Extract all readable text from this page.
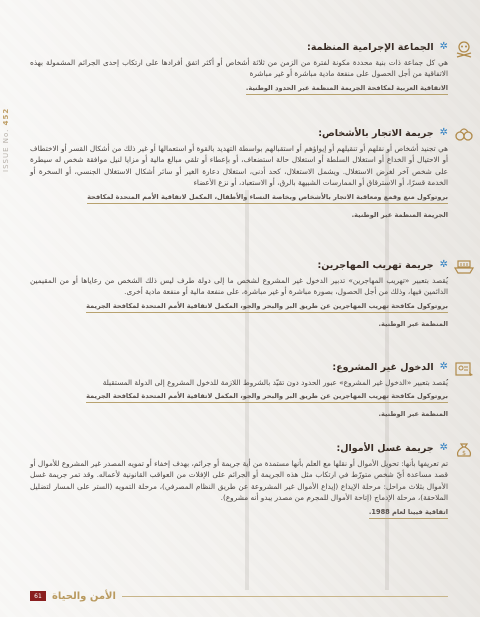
ISSUE No. 452
✲
الجماعة الإجرامية المنظمة:
هي كل جماعة ذات بنية محددة مكونة لفترة من الزمن من ثلاثة أشخاص أو أكثر اتفق أفرادها على ارتكاب إحدى الجرائم المشمولة بهذه الاتفاقية من أجل الحصول على منفعة مادية مباشرة أو غير مباشرة
الاتفاقية العربية لمكافحة الجريمة المنظمة عبر الحدود الوطنية.
✲
جريمة الاتجار بالأشخاص:
هي تجنيد أشخاص أو نقلهم أو تنقيلهم أو إيواؤهم أو استقبالهم بواسطة التهديد بالقوة أو استعمالها أو غير ذلك من أشكال القسر أو الاختطاف أو الاحتيال أو الخداع أو استغلال السلطة أو استغلال حالة استضعاف، أو بإعطاء أو تلقي مبالغ مالية أو مزايا لنيل موافقة شخص له سيطرة على شخص آخر لغرض الاستغلال. ويشمل الاستغلال، كحد أدنى، استغلال دعارة الغير أو سائر أشكال الاستغلال الجنسي، أو السخرة أو الخدمة قسرًا، أو الاسترقاق أو الممارسات الشبيهة بالرق، أو الاستعباد، أو نزع الأعضاء
بروتوكول منع وقمع ومعاقبة الاتجار بالأشخاص وبخاصة النساء والأطفال، المكمل لاتفاقية الأمم المتحدة لمكافحة
الجريمة المنظمة عبر الوطنية.
✲
جريمة تهريب المهاجرين:
يُقصد بتعبير «تهريب المهاجرين» تدبير الدخول غير المشروع لشخص ما إلى دولة طرف ليس ذلك الشخص من رعاياها أو من المقيمين الدائمين فيها، وذلك من أجل الحصول، بصورة مباشرة أو غير مباشرة، على منفعة مالية أو منفعة مادية أخرى.
بروتوكول مكافحة تهريب المهاجرين عن طريق البر والبحر والجو، المكمل لاتفاقية الأمم المتحدة لمكافحة الجريمة
المنظمة عبر الوطنية.
✲
الدخول غير المشروع:
يُقصد بتعبير «الدخول غير المشروع» عبور الحدود دون تقيّد بالشروط اللازمة للدخول المشروع إلى الدولة المستقبلة
بروتوكول مكافحة تهريب المهاجرين عن طريق البر والبحر والجو، المكمل لاتفاقية الأمم المتحدة لمكافحة الجريمة
المنظمة عبر الوطنية.
✲
جريمة غسل الأموال:
تم تعريفها بأنها: تحويل الأموال أو نقلها مع العلم بأنها مستمدة من أية جريمة أو جرائم، بهدف إخفاء أو تمويه المصدر غير المشروع للأموال أو قصد مساعدة أيّ شخص متورّط في ارتكاب مثل هذه الجريمة أو الجرائم على الإفلات من العواقب القانونية لأعماله. وقد تمر جريمة غسل الأموال بثلاث مراحل: مرحلة الإيداع (إيداع الأموال غير المشروعة عن طريق النظام المصرفي)، مرحلة التمويه (الستر على المسار لتضليل الملاحقة)، مرحلة الإدماج (إتاحة الأموال للمجرم من مصدر يبدو أنه مشروع).
اتفاقية فيينا لعام 1988.
$
61	الأمن والحياة
